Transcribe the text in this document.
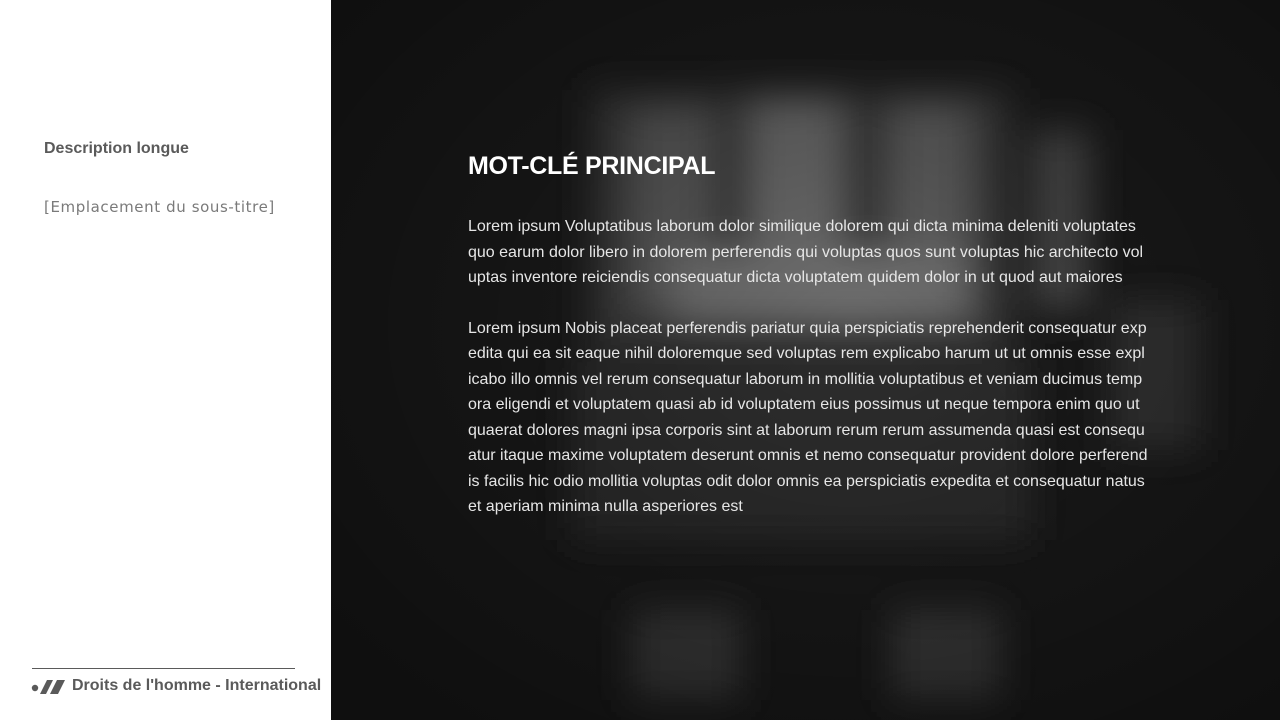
Description longue
[Emplacement du sous-titre]
Droits de l'homme - International
MOT-CLÉ PRINCIPAL

Lorem ipsum Voluptatibus laborum dolor similique dolorem qui dicta minima deleniti voluptates quo earum dolor libero in dolorem perferendis qui voluptas quos sunt voluptas hic architecto voluptas inventore reiciendis consequatur dicta voluptatem quidem dolor in ut quod aut maiores

Lorem ipsum Nobis placeat perferendis pariatur quia perspiciatis reprehenderit consequatur expedita qui ea sit eaque nihil doloremque sed voluptas rem explicabo harum ut ut omnis esse explicabo illo omnis vel rerum consequatur laborum in mollitia voluptatibus et veniam ducimus tempora eligendi et voluptatem quasi ab id voluptatem eius possimus ut neque tempora enim quo ut quaerat dolores magni ipsa corporis sint at laborum rerum rerum assumenda quasi est consequatur itaque maxime voluptatem deserunt omnis et nemo consequatur provident dolore perferendis facilis hic odio mollitia voluptas odit dolor omnis ea perspiciatis expedita et consequatur natus et aperiam minima nulla asperiores est
